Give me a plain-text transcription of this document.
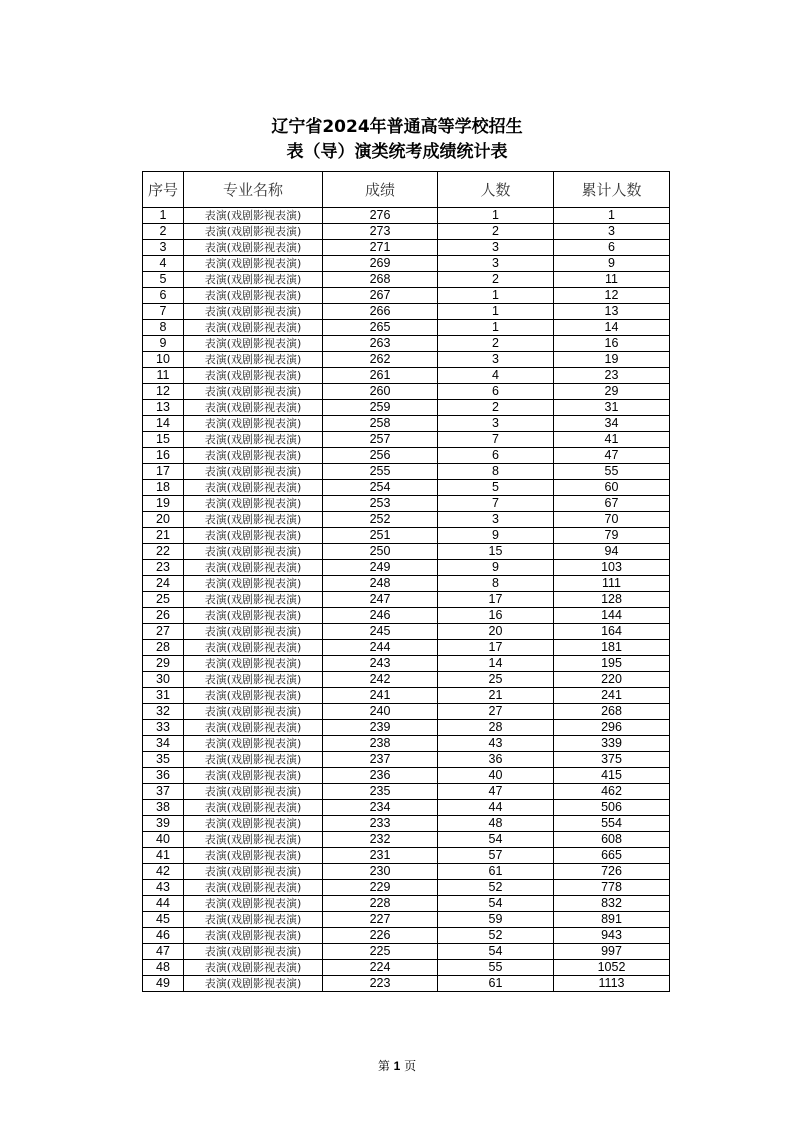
辽宁省2024年普通高等学校招生
表（导）演类统考成绩统计表
序号	专业名称	成绩	人数	累计人数
1	表演(戏剧影视表演)	276	1	1
2	表演(戏剧影视表演)	273	2	3
3	表演(戏剧影视表演)	271	3	6
4	表演(戏剧影视表演)	269	3	9
5	表演(戏剧影视表演)	268	2	11
6	表演(戏剧影视表演)	267	1	12
7	表演(戏剧影视表演)	266	1	13
8	表演(戏剧影视表演)	265	1	14
9	表演(戏剧影视表演)	263	2	16
10	表演(戏剧影视表演)	262	3	19
11	表演(戏剧影视表演)	261	4	23
12	表演(戏剧影视表演)	260	6	29
13	表演(戏剧影视表演)	259	2	31
14	表演(戏剧影视表演)	258	3	34
15	表演(戏剧影视表演)	257	7	41
16	表演(戏剧影视表演)	256	6	47
17	表演(戏剧影视表演)	255	8	55
18	表演(戏剧影视表演)	254	5	60
19	表演(戏剧影视表演)	253	7	67
20	表演(戏剧影视表演)	252	3	70
21	表演(戏剧影视表演)	251	9	79
22	表演(戏剧影视表演)	250	15	94
23	表演(戏剧影视表演)	249	9	103
24	表演(戏剧影视表演)	248	8	111
25	表演(戏剧影视表演)	247	17	128
26	表演(戏剧影视表演)	246	16	144
27	表演(戏剧影视表演)	245	20	164
28	表演(戏剧影视表演)	244	17	181
29	表演(戏剧影视表演)	243	14	195
30	表演(戏剧影视表演)	242	25	220
31	表演(戏剧影视表演)	241	21	241
32	表演(戏剧影视表演)	240	27	268
33	表演(戏剧影视表演)	239	28	296
34	表演(戏剧影视表演)	238	43	339
35	表演(戏剧影视表演)	237	36	375
36	表演(戏剧影视表演)	236	40	415
37	表演(戏剧影视表演)	235	47	462
38	表演(戏剧影视表演)	234	44	506
39	表演(戏剧影视表演)	233	48	554
40	表演(戏剧影视表演)	232	54	608
41	表演(戏剧影视表演)	231	57	665
42	表演(戏剧影视表演)	230	61	726
43	表演(戏剧影视表演)	229	52	778
44	表演(戏剧影视表演)	228	54	832
45	表演(戏剧影视表演)	227	59	891
46	表演(戏剧影视表演)	226	52	943
47	表演(戏剧影视表演)	225	54	997
48	表演(戏剧影视表演)	224	55	1052
49	表演(戏剧影视表演)	223	61	1113
第 1 页
